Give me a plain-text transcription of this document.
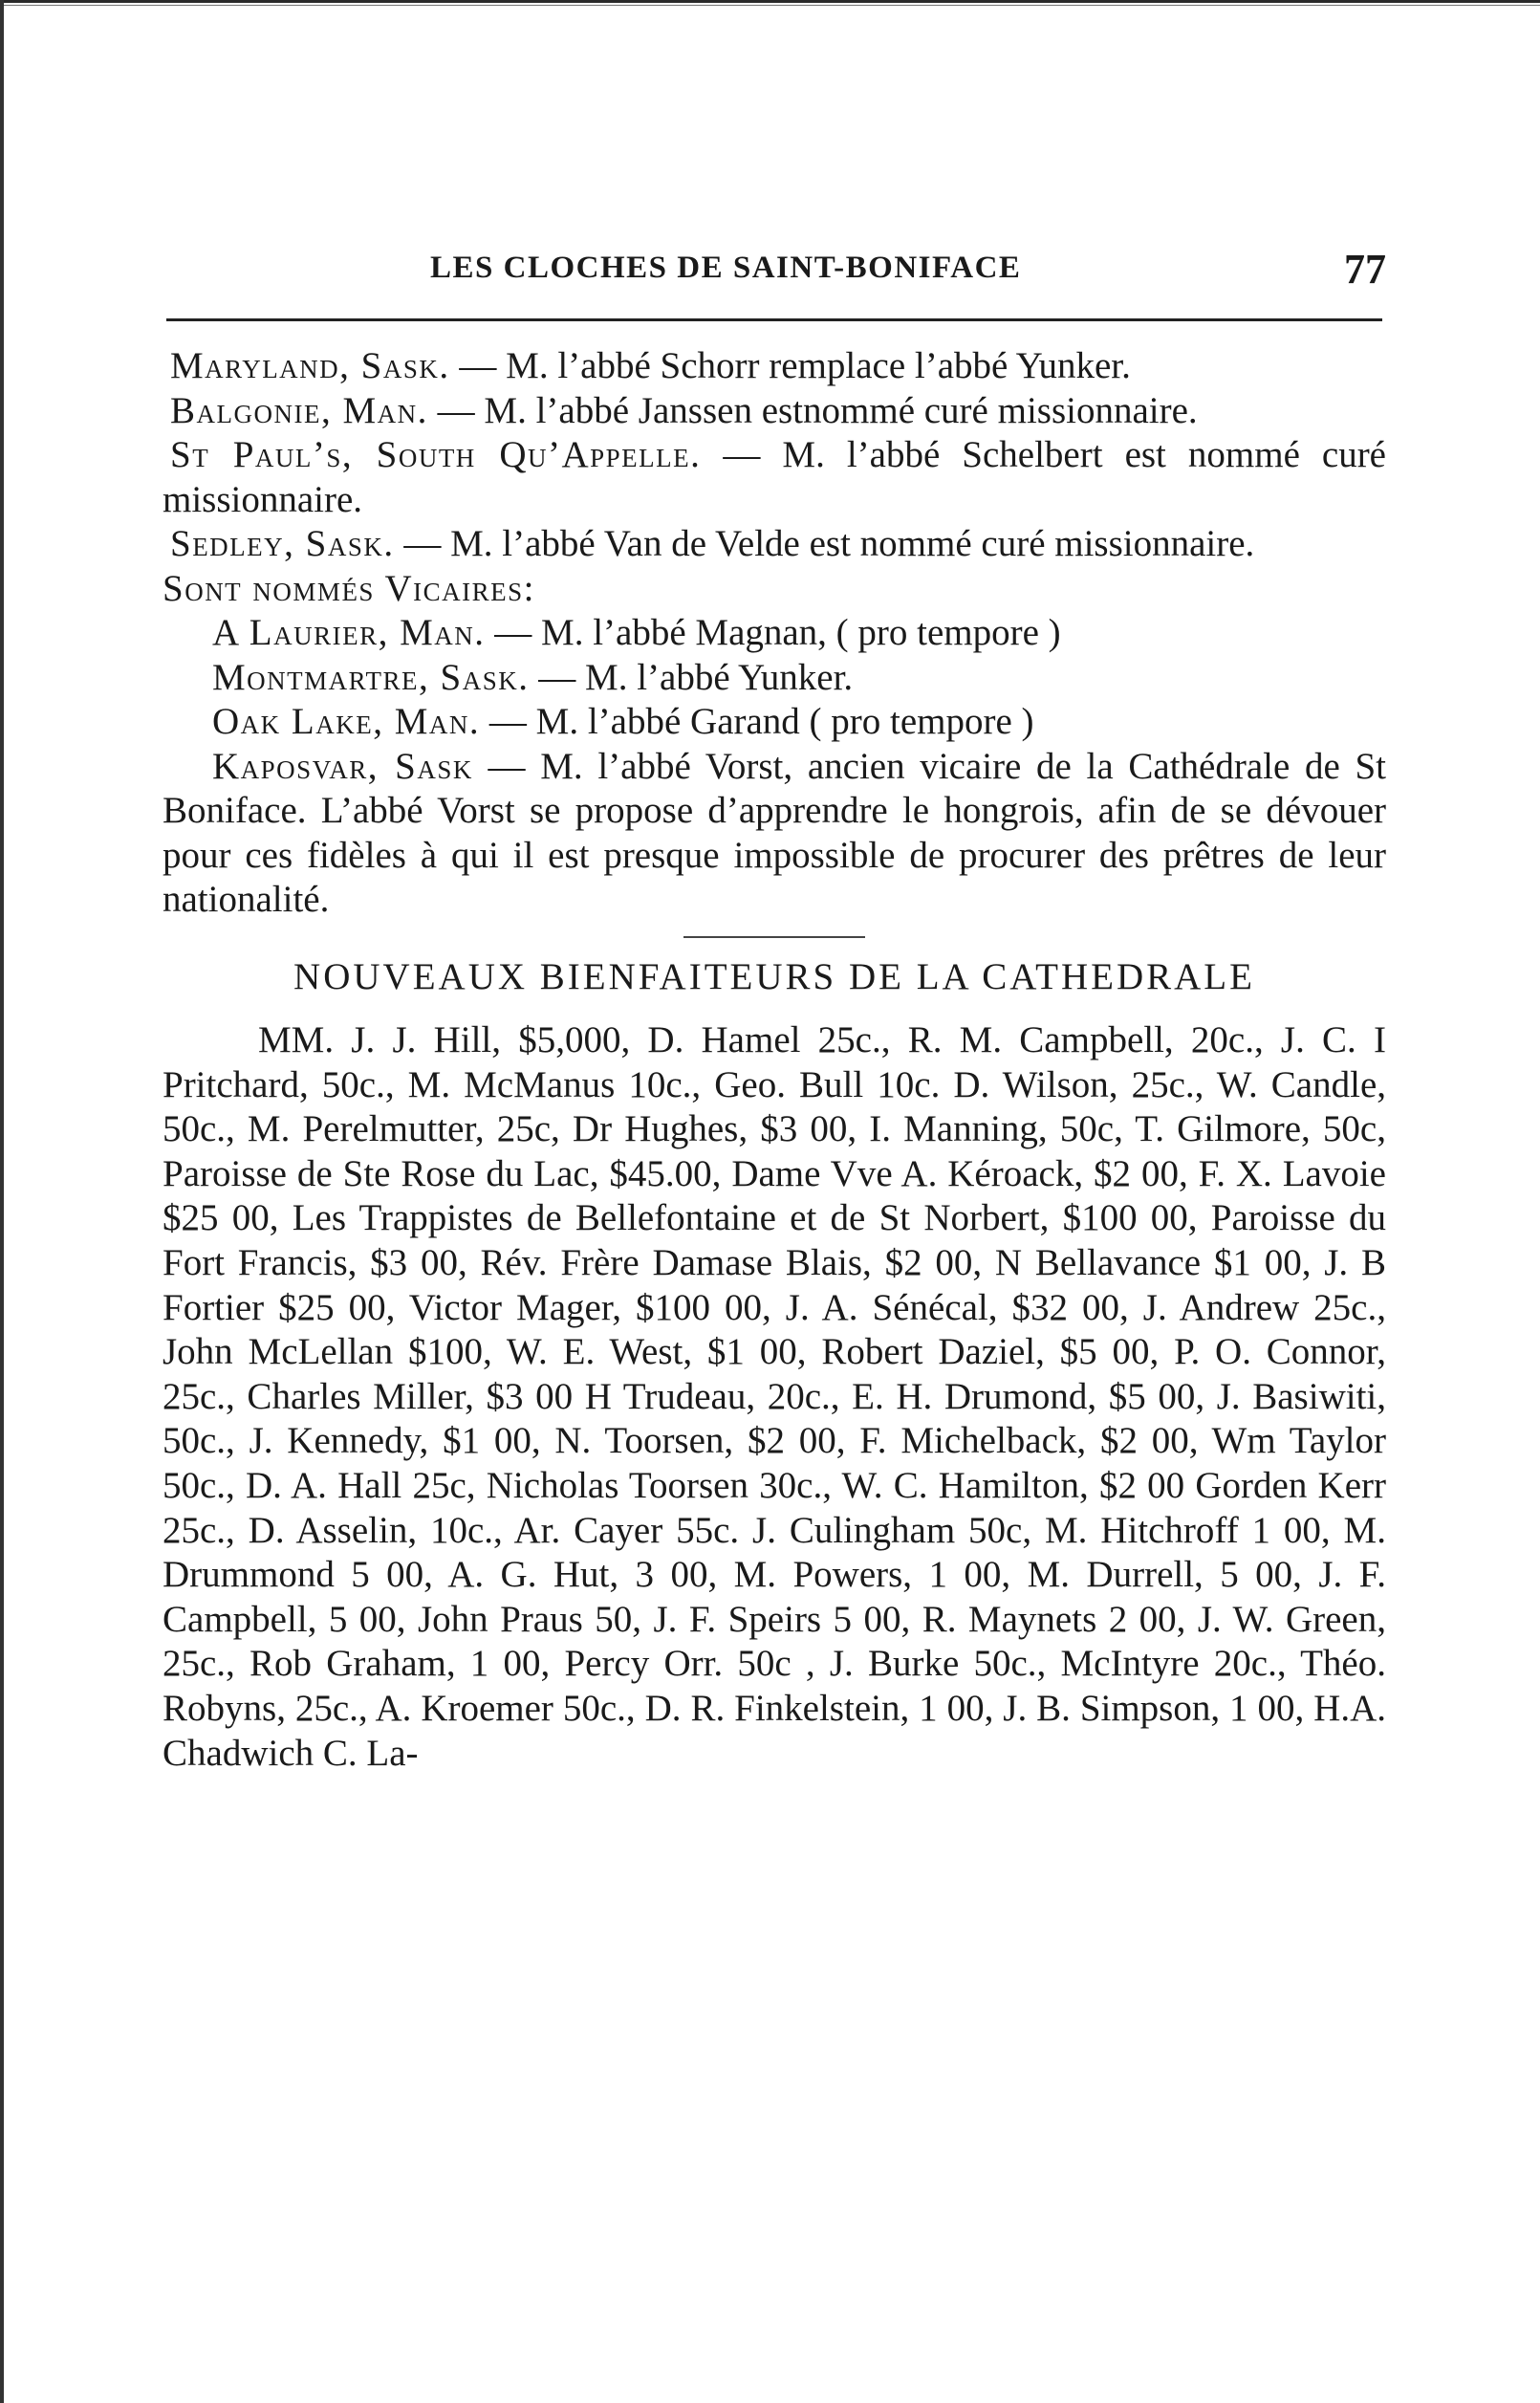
LES CLOCHES DE SAINT-BONIFACE	77

Maryland, Sask. — M. l’abbé Schorr remplace l’abbé Yunker.

Balgonie, Man. — M. l’abbé Janssen estnommé curé missionnaire.

St Paul’s, South Qu’Appelle. — M. l’abbé Schelbert est nommé curé missionnaire.

Sedley, Sask. — M. l’abbé Van de Velde est nommé curé missionnaire.

Sont nommés Vicaires:

A Laurier, Man. — M. l’abbé Magnan, ( pro tempore )

Montmartre, Sask. — M. l’abbé Yunker.

Oak Lake, Man. — M. l’abbé Garand ( pro tempore )

Kaposvar, Sask — M. l’abbé Vorst, ancien vicaire de la Cathédrale de St Boniface. L’abbé Vorst se propose d’apprendre le hongrois, afin de se dévouer pour ces fidèles à qui il est presque impossible de procurer des prêtres de leur nationalité.

NOUVEAUX BIENFAITEURS DE LA CATHEDRALE

MM. J. J. Hill, $5,000, D. Hamel 25c., R. M. Campbell, 20c., J. C. I Pritchard, 50c., M. McManus 10c., Geo. Bull 10c. D. Wilson, 25c., W. Candle, 50c., M. Perelmutter, 25c, Dr Hughes, $3 00, I. Manning, 50c, T. Gilmore, 50c, Paroisse de Ste Rose du Lac, $45.00, Dame Vve A. Kéroack, $2 00, F. X. Lavoie $25 00, Les Trappistes de Bellefontaine et de St Norbert, $100 00, Paroisse du Fort Francis, $3 00, Rév. Frère Damase Blais, $2 00, N Bellavance $1 00, J. B Fortier $25 00, Victor Mager, $100 00, J. A. Sénécal, $32 00, J. Andrew 25c., John McLellan $100, W. E. West, $1 00, Robert Daziel, $5 00, P. O. Connor, 25c., Charles Miller, $3 00 H Trudeau, 20c., E. H. Drumond, $5 00, J. Basiwiti, 50c., J. Kennedy, $1 00, N. Toorsen, $2 00, F. Michelback, $2 00, Wm Taylor 50c., D. A. Hall 25c, Nicholas Toorsen 30c., W. C. Hamilton, $2 00 Gorden Kerr 25c., D. Asselin, 10c., Ar. Cayer 55c. J. Culingham 50c, M. Hitchroff 1 00, M. Drummond 5 00, A. G. Hut, 3 00, M. Powers, 1 00, M. Durrell, 5 00, J. F. Campbell, 5 00, John Praus 50, J. F. Speirs 5 00, R. Maynets 2 00, J. W. Green, 25c., Rob Graham, 1 00, Percy Orr. 50c , J. Burke 50c., McIntyre 20c., Théo. Robyns, 25c., A. Kroemer 50c., D. R. Finkelstein, 1 00, J. B. Simpson, 1 00, H.A. Chadwich C. La-
